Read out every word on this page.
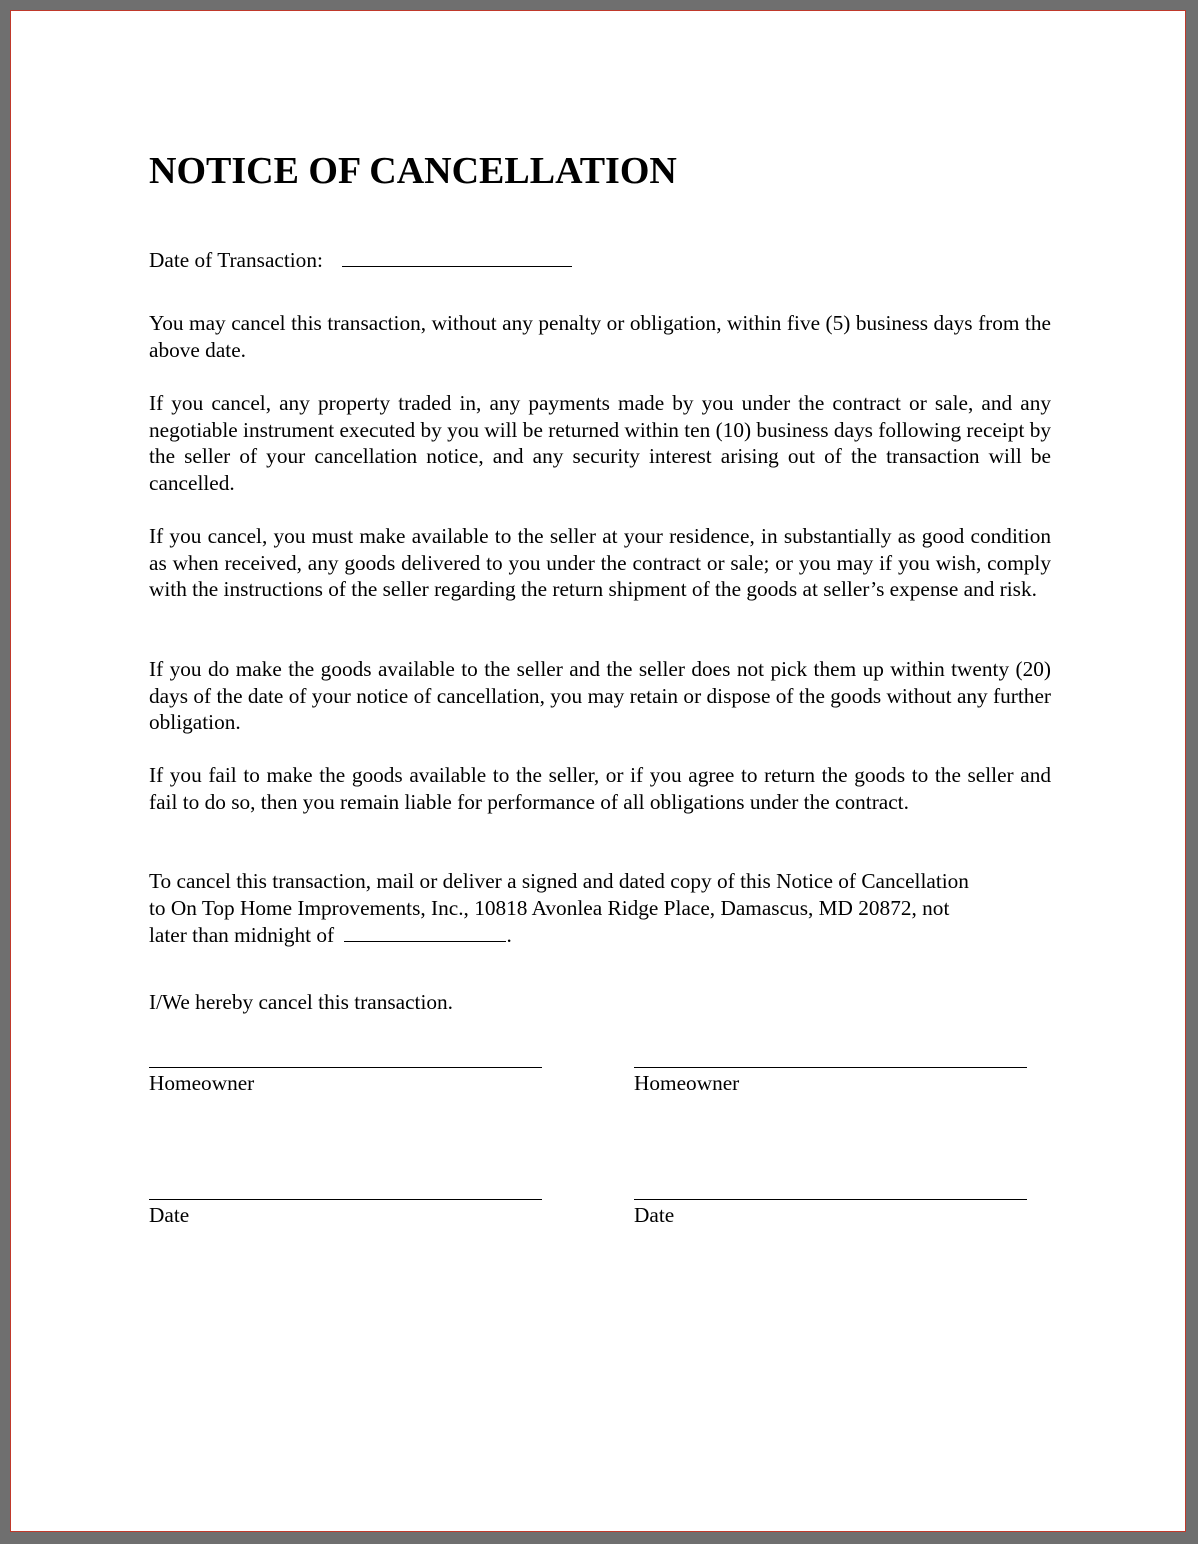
NOTICE OF CANCELLATION
Date of Transaction:

You may cancel this transaction, without any penalty or obligation, within five (5) business days from the above date.

If you cancel, any property traded in, any payments made by you under the contract or sale, and any negotiable instrument executed by you will be returned within ten (10) business days following receipt by the seller of your cancellation notice, and any security interest arising out of the transaction will be cancelled.

If you cancel, you must make available to the seller at your residence, in substantially as good condition as when received, any goods delivered to you under the contract or sale; or you may if you wish, comply with the instructions of the seller regarding the return shipment of the goods at seller’s expense and risk.

If you do make the goods available to the seller and the seller does not pick them up within twenty (20) days of the date of your notice of cancellation, you may retain or dispose of the goods without any further obligation.

If you fail to make the goods available to the seller, or if you agree to return the goods to the seller and fail to do so, then you remain liable for performance of all obligations under the contract.

To cancel this transaction, mail or deliver a signed and dated copy of this Notice of Cancellation
to On Top Home Improvements, Inc., 10818 Avonlea Ridge Place, Damascus, MD 20872, not
later than midnight of	.
I/We hereby cancel this transaction.
Homeowner	Homeowner
Date	Date
